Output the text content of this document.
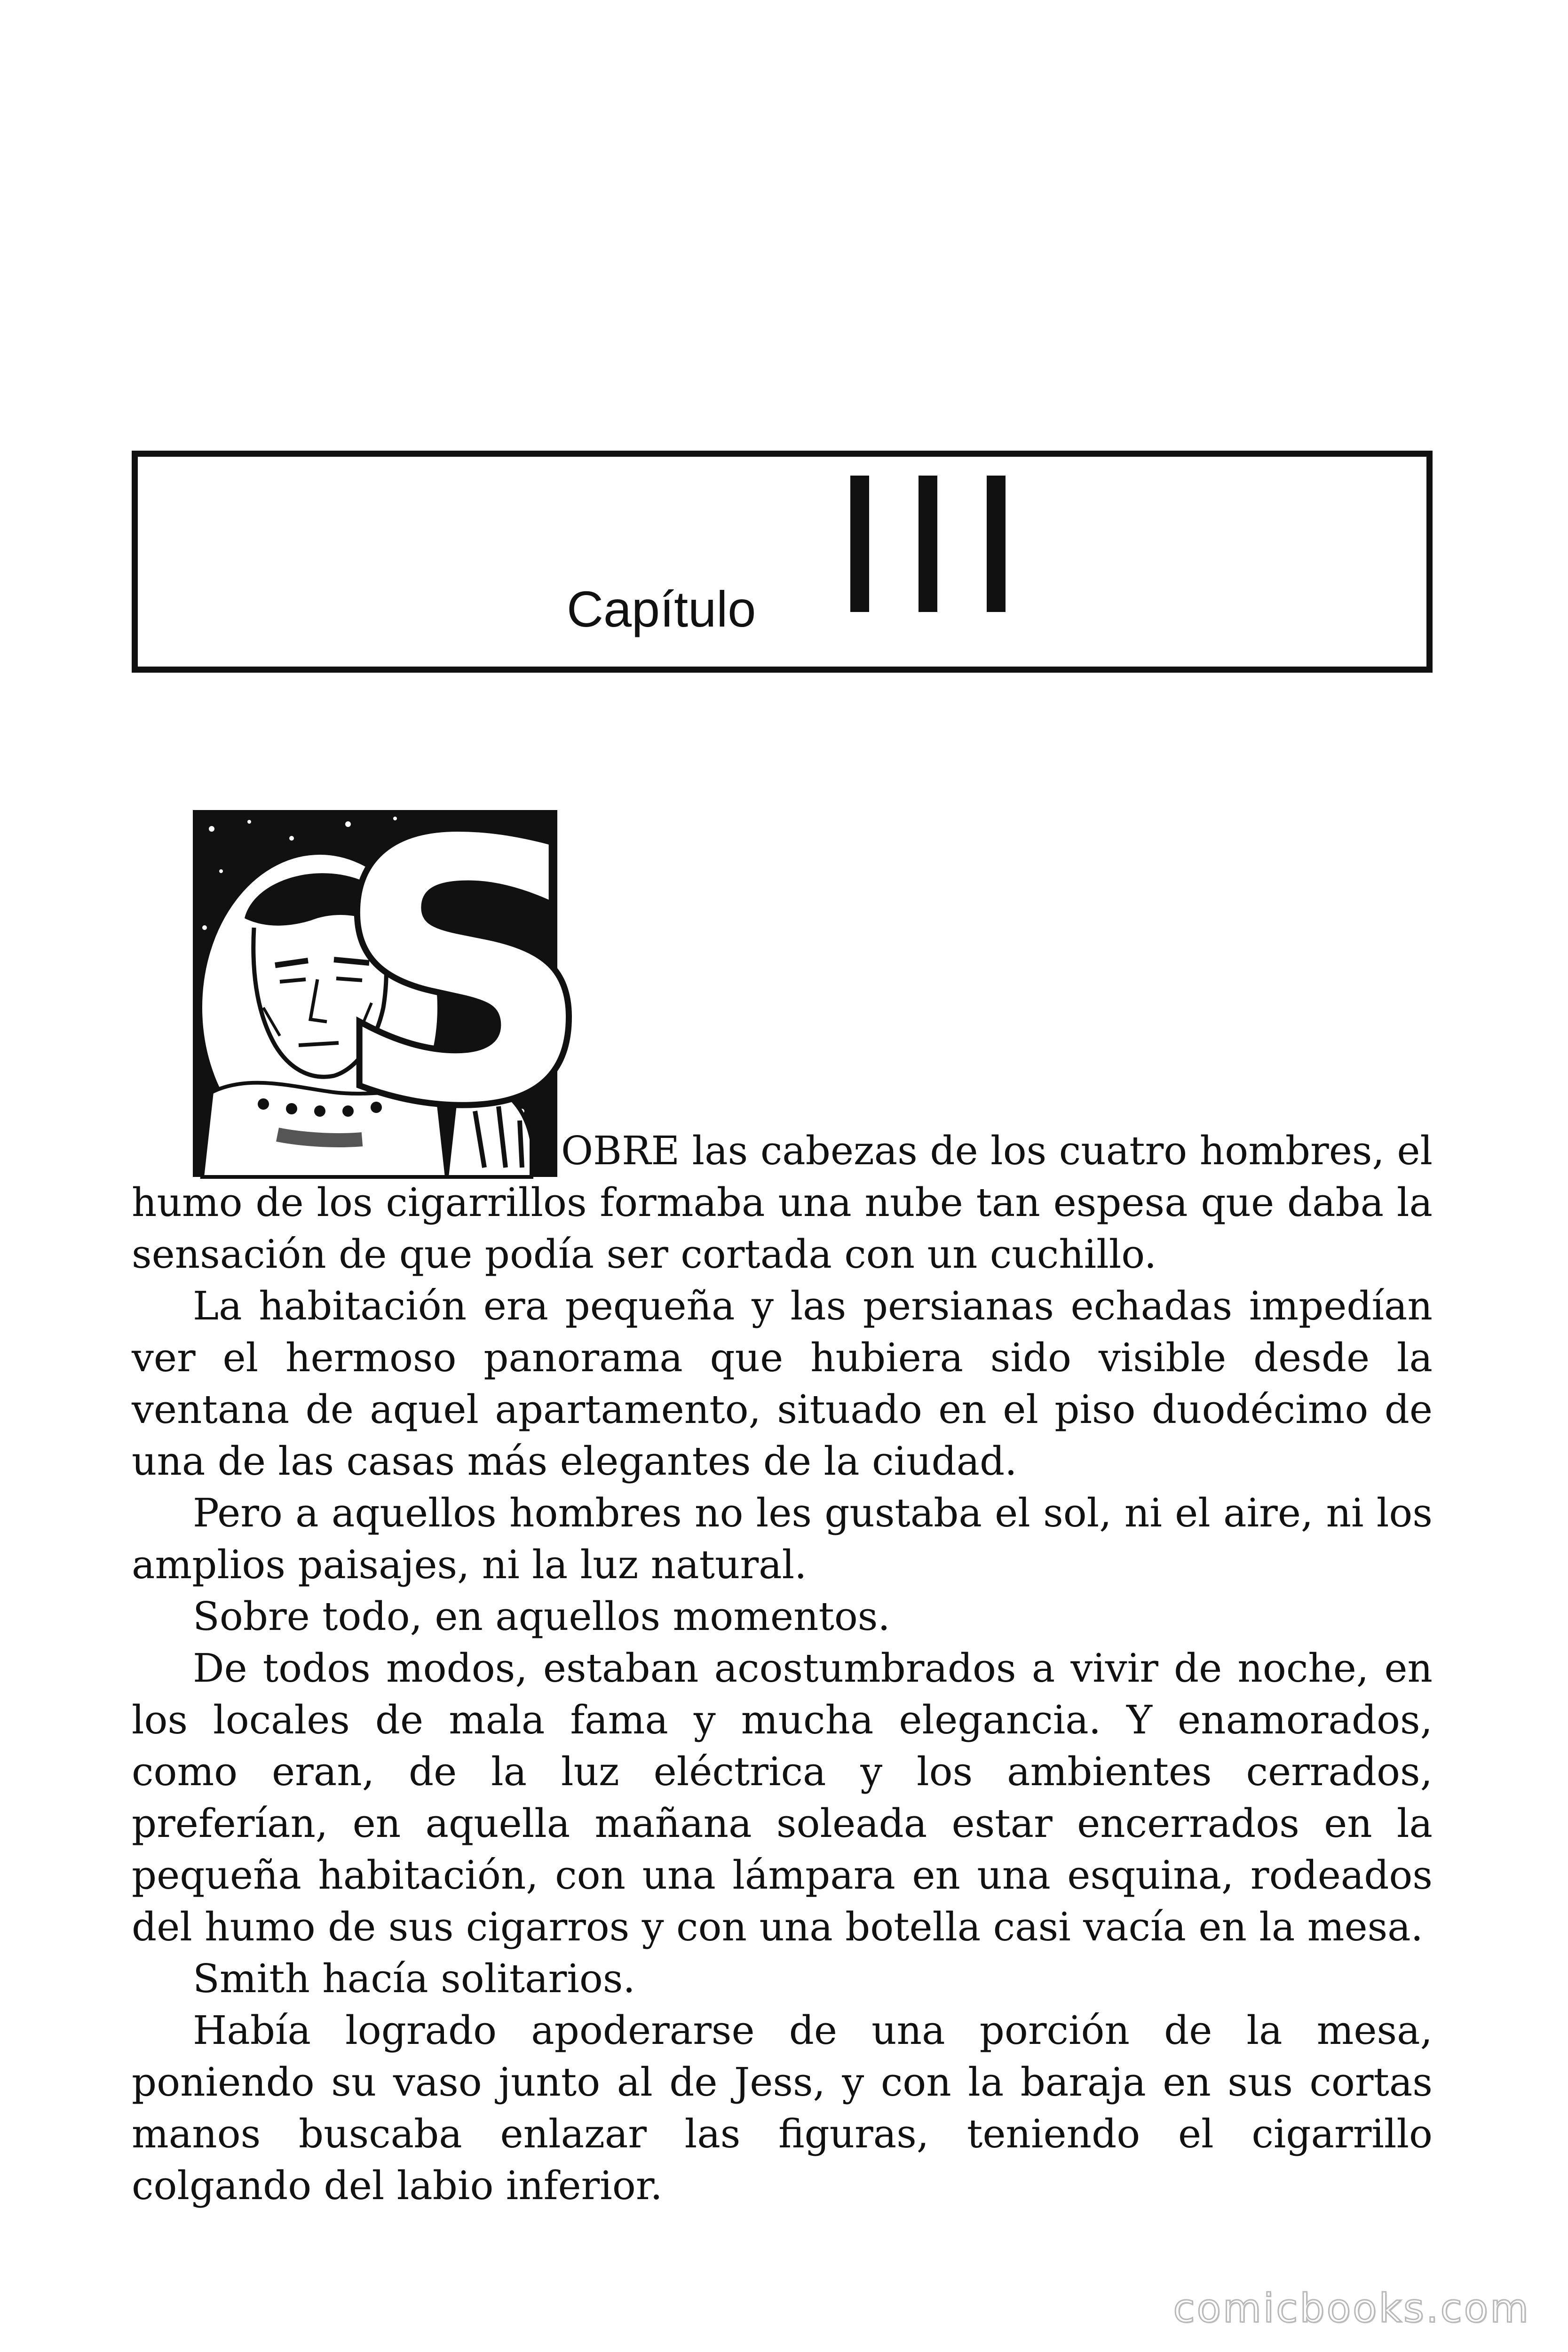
Capítulo
S

OBRE las cabezas de los cuatro hombres, el humo de los cigarrillos formaba una nube tan espesa que daba la sensación de que podía ser cortada con un cuchillo.

La habitación era pequeña y las persianas echadas impedían ver el hermoso panorama que hubiera sido visible desde la ventana de aquel apartamento, situado en el piso duodécimo de una de las casas más elegantes de la ciudad.

Pero a aquellos hombres no les gustaba el sol, ni el aire, ni los amplios paisajes, ni la luz natural.

Sobre todo, en aquellos momentos.

De todos modos, estaban acostumbrados a vivir de noche, en los locales de mala fama y mucha elegancia. Y enamorados, como eran, de la luz eléctrica y los ambientes cerrados, preferían, en aquella mañana soleada estar encerrados en la pequeña habitación, con una lámpara en una esquina, rodeados del humo de sus cigarros y con una botella casi vacía en la mesa.

Smith hacía solitarios.

Había logrado apoderarse de una porción de la mesa, poniendo su vaso junto al de Jess, y con la baraja en sus cortas manos buscaba enlazar las figuras, teniendo el cigarrillo colgando del labio inferior.

comicbooks.com
